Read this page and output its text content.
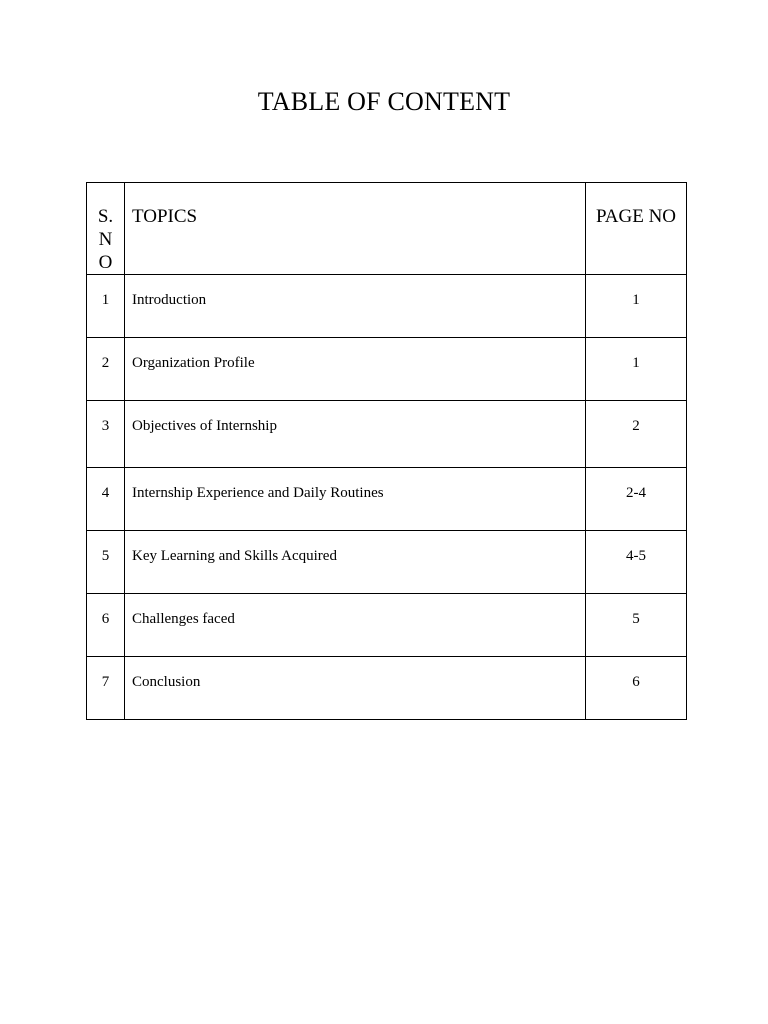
TABLE OF CONTENT
S.NO	TOPICS	PAGE NO
1	Introduction	1
2	Organization Profile	1
3	Objectives of Internship	2
4	Internship Experience and Daily Routines	2-4
5	Key Learning and Skills Acquired	4-5
6	Challenges faced	5
7	Conclusion	6
